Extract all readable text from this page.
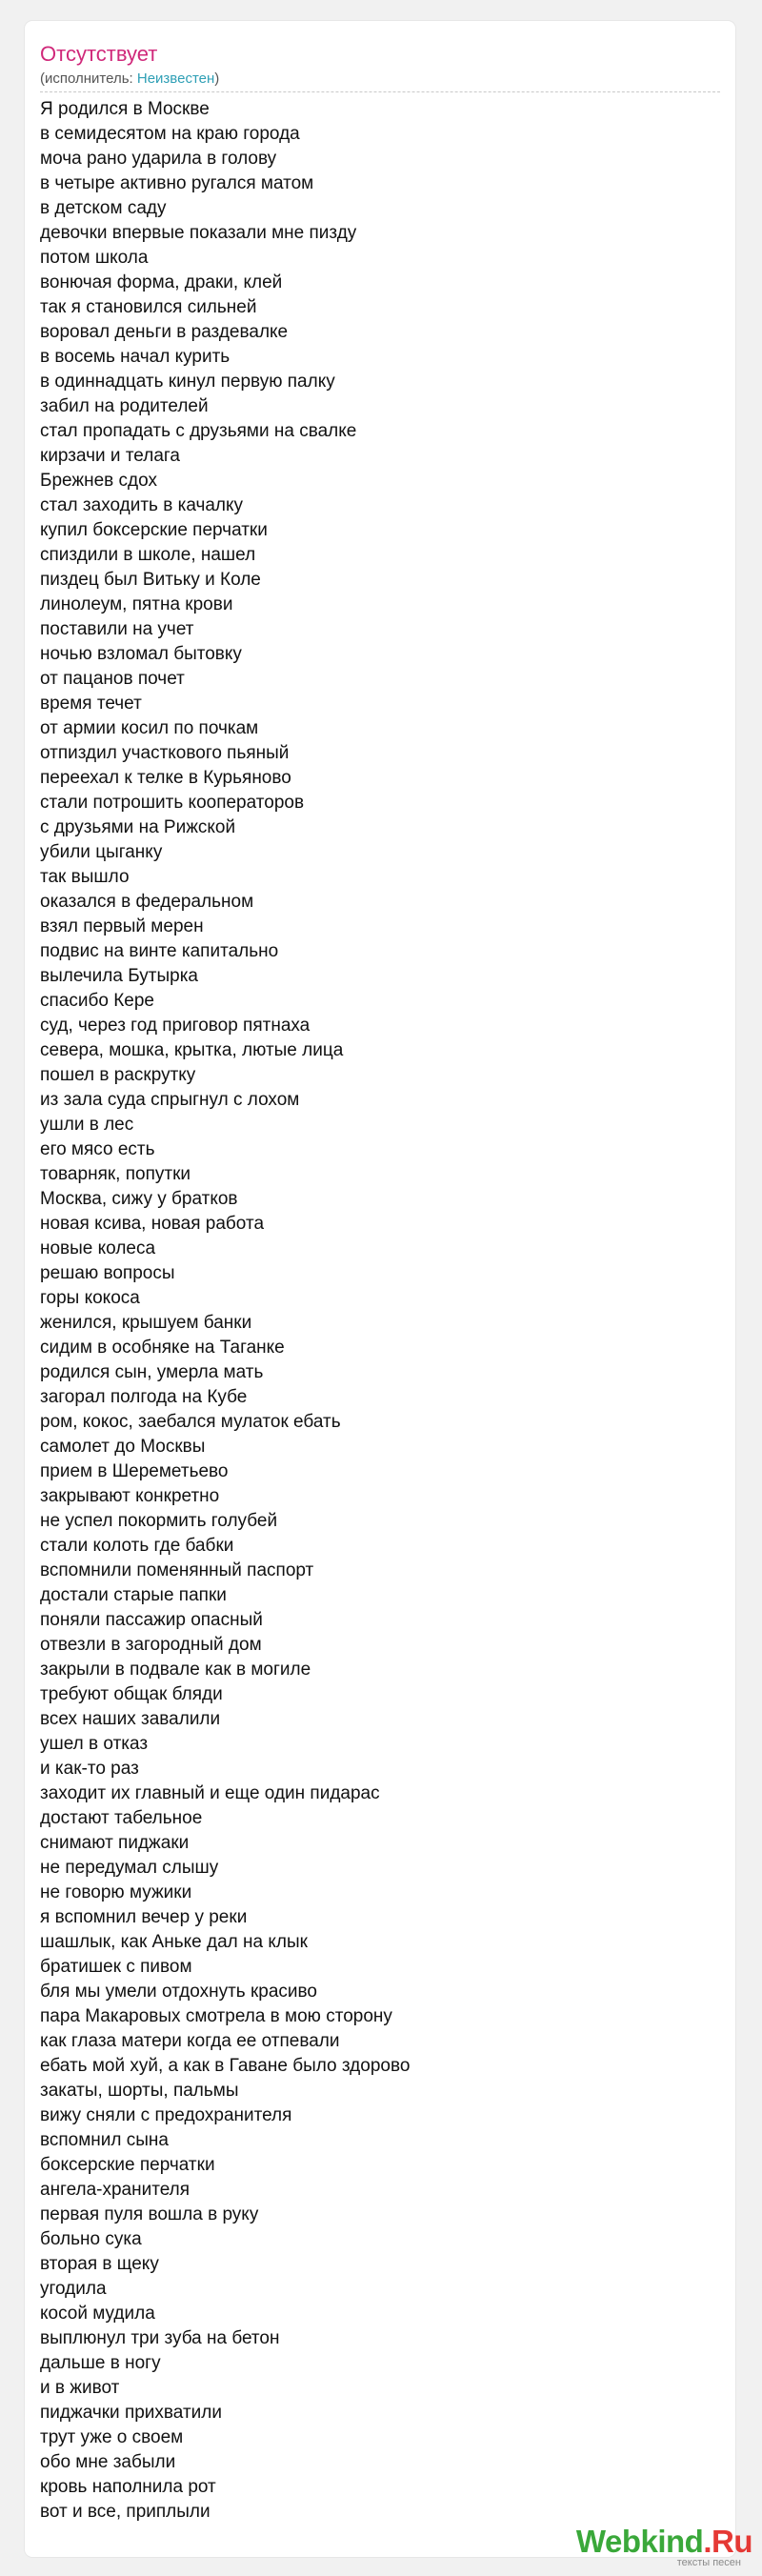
Отсутствует
(исполнитель: Неизвестен)
Я родился в Москве
в семидесятом на краю города
моча рано ударила в голову
в четыре активно ругался матом
в детском саду
девочки впервые показали мне пизду
потом школа
вонючая форма, драки, клей
так я становился сильней
воровал деньги в раздевалке
в восемь начал курить
в одиннадцать кинул первую палку
забил на родителей
стал пропадать с друзьями на свалке
кирзачи и телага
Брежнев сдох
стал заходить в качалку
купил боксерские перчатки
спиздили в школе, нашел
пиздец был Витьку и Коле
линолеум, пятна крови
поставили на учет
ночью взломал бытовку
от пацанов почет
время течет
от армии косил по почкам
отпиздил участкового пьяный
переехал к телке в Курьяново
стали потрошить кооператоров
с друзьями на Рижской
убили цыганку
так вышло
оказался в федеральном
взял первый мерен
подвис на винте капитально
вылечила Бутырка
спасибо Кере
суд, через год приговор пятнаха
севера, мошка, крытка, лютые лица
пошел в раскрутку
из зала суда спрыгнул с лохом
ушли в лес
его мясо есть
товарняк, попутки
Москва, сижу у братков
новая ксива, новая работа
новые колеса
решаю вопросы
горы кокоса
женился, крышуем банки
сидим в особняке на Таганке
родился сын, умерла мать
загорал полгода на Кубе
ром, кокос, заебался мулаток ебать
самолет до Москвы
прием в Шереметьево
закрывают конкретно
не успел покормить голубей
стали колоть где бабки
вспомнили поменянный паспорт
достали старые папки
поняли пассажир опасный
отвезли в загородный дом
закрыли в подвале как в могиле
требуют общак бляди
всех наших завалили
ушел в отказ
и как-то раз
заходит их главный и еще один пидарас
достают табельное
снимают пиджаки
не передумал слышу
не говорю мужики
я вспомнил вечер у реки
шашлык, как Аньке дал на клык
братишек с пивом
бля мы умели отдохнуть красиво
пара Макаровых смотрела в мою сторону
как глаза матери когда ее отпевали
ебать мой хуй, а как в Гаване было здорово
закаты, шорты, пальмы
вижу сняли с предохранителя
вспомнил сына
боксерские перчатки
ангела-хранителя
первая пуля вошла в руку
больно сука
вторая в щеку
угодила
косой мудила
выплюнул три зуба на бетон
дальше в ногу
и в живот
пиджачки прихватили
трут уже о своем
обо мне забыли
кровь наполнила рот
вот и все, приплыли
Webkind.Ru
тексты песен
